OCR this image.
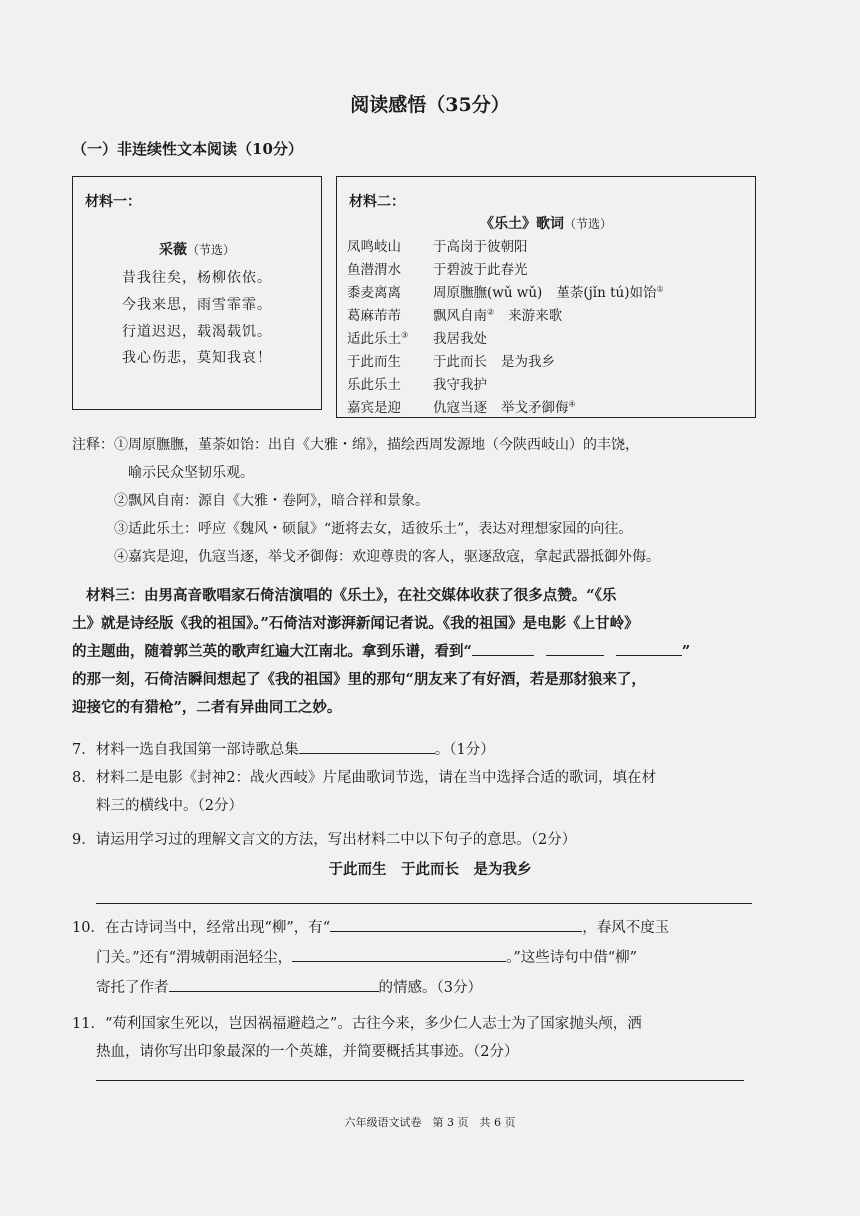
阅读感悟（35分）
（一）非连续性文本阅读（10分）
材料一：
采薇（节选）
昔我往矣，杨柳依依。
今我来思，雨雪霏霏。
行道迟迟，载渴载饥。
我心伤悲，莫知我哀！
材料二：
《乐土》歌词（节选）
凤鸣岐山 于高岗于彼朝阳
鱼潜渭水 于碧波于此春光
黍麦离离 周原膴膴(wǔ wǔ) 堇荼(jǐn tú)如饴①
葛麻芾芾 飘风自南② 来游来歌
适此乐土③ 我居我处
于此而生 于此而长 是为我乡
乐此乐土 我守我护
嘉宾是迎 仇寇当逐 举戈矛御侮④
注释：①周原膴膴，堇荼如饴：出自《大雅・绵》，描绘西周发源地（今陕西岐山）的丰饶，
喻示民众坚韧乐观。
②飘风自南：源自《大雅・卷阿》，暗合祥和景象。
③适此乐土：呼应《魏风・硕鼠》“逝将去女，适彼乐土”，表达对理想家园的向往。
④嘉宾是迎，仇寇当逐，举戈矛御侮：欢迎尊贵的客人，驱逐敌寇，拿起武器抵御外侮。
材料三：由男高音歌唱家石倚洁演唱的《乐土》，在社交媒体收获了很多点赞。“《乐
土》就是诗经版《我的祖国》。”石倚洁对澎湃新闻记者说。《我的祖国》是电影《上甘岭》
的主题曲，随着郭兰英的歌声红遍大江南北。拿到乐谱，看到“	”
的那一刻，石倚洁瞬间想起了《我的祖国》里的那句“朋友来了有好酒，若是那豺狼来了，
迎接它的有猎枪”，二者有异曲同工之妙。
7．材料一选自我国第一部诗歌总集	。（1分）
8．材料二是电影《封神2：战火西岐》片尾曲歌词节选，请在当中选择合适的歌词，填在材
料三的横线中。（2分）
9．请运用学习过的理解文言文的方法，写出材料二中以下句子的意思。（2分）
于此而生　于此而长　是为我乡
10．在古诗词当中，经常出现“柳”，有“	，春风不度玉
门关。”还有“渭城朝雨浥轻尘，	。”这些诗句中借“柳”
寄托了作者	的情感。（3分）
11．“苟利国家生死以，岂因祸福避趋之”。古往今来，多少仁人志士为了国家抛头颅，洒
热血，请你写出印象最深的一个英雄，并简要概括其事迹。（2分）
六年级语文试卷　第 3 页　共 6 页
